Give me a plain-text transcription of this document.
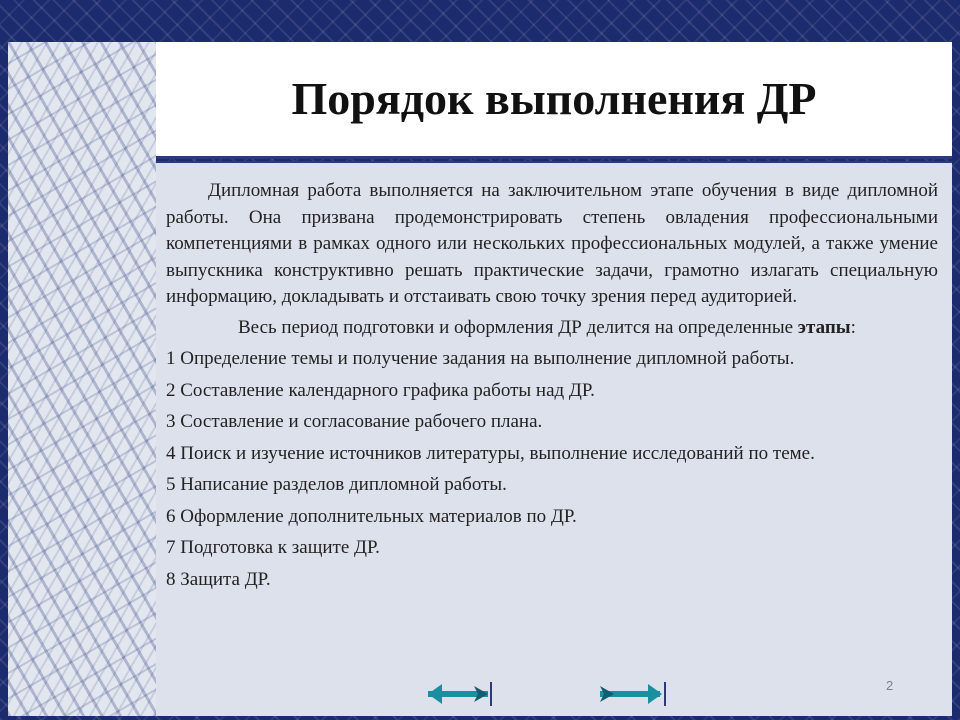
Порядок выполнения ДР

Дипломная работа выполняется на заключительном этапе обучения в виде дипломной работы. Она призвана продемонстрировать степень овладения профессиональными компетенциями в рамках одного или нескольких профессиональных модулей, а также умение выпускника конструктивно решать практические задачи, грамотно излагать специальную информацию, докладывать и отстаивать свою точку зрения перед аудиторией.

Весь период подготовки и оформления ДР делится на определенные этапы:

1 Определение темы и получение задания на выполнение дипломной работы.

2 Составление календарного графика работы над ДР.

3 Составление и согласование рабочего плана.

4 Поиск и изучение источников литературы, выполнение исследований по теме.

5 Написание разделов дипломной работы.

6 Оформление дополнительных материалов по ДР.

7 Подготовка к защите ДР.

8 Защита ДР.

2
